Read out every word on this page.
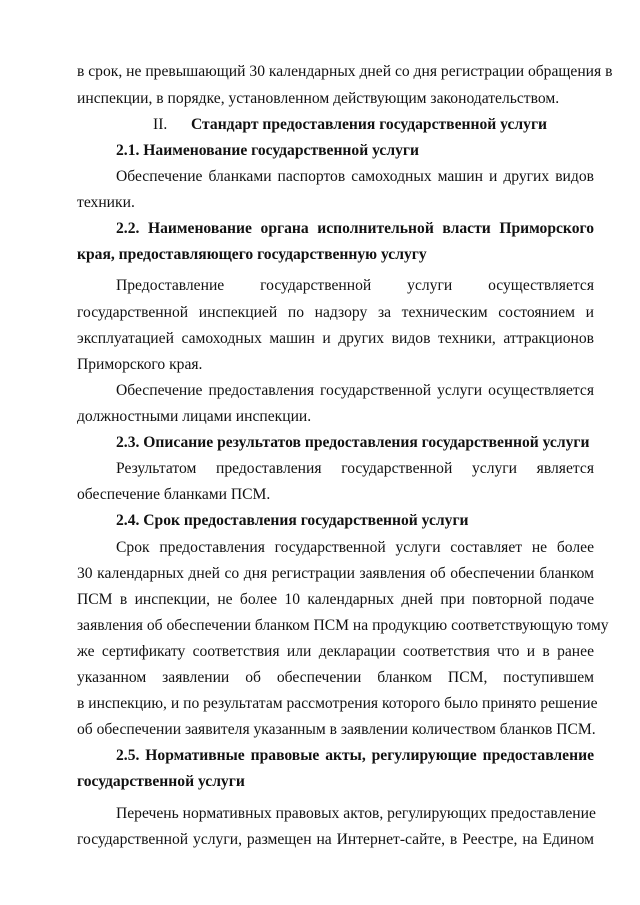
в срок, не превышающий 30 календарных дней со дня регистрации обращения в
инспекции, в порядке, установленном действующим законодательством.
II. Стандарт предоставления государственной услуги
2.1. Наименование государственной услуги
Обеспечение бланками паспортов самоходных машин и других видов
техники.
2.2. Наименование органа исполнительной власти Приморского
края, предоставляющего государственную услугу
Предоставление государственной услуги осуществляется
государственной инспекцией по надзору за техническим состоянием и
эксплуатацией самоходных машин и других видов техники, аттракционов
Приморского края.
Обеспечение предоставления государственной услуги осуществляется
должностными лицами инспекции.
2.3. Описание результатов предоставления государственной услуги
Результатом предоставления государственной услуги является
обеспечение бланками ПСМ.
2.4. Срок предоставления государственной услуги
Срок предоставления государственной услуги составляет не более
30 календарных дней со дня регистрации заявления об обеспечении бланком
ПСМ в инспекции, не более 10 календарных дней при повторной подаче
заявления об обеспечении бланком ПСМ на продукцию соответствующую тому
же сертификату соответствия или декларации соответствия что и в ранее
указанном заявлении об обеспечении бланком ПСМ, поступившем
в инспекцию, и по результатам рассмотрения которого было принято решение
об обеспечении заявителя указанным в заявлении количеством бланков ПСМ.
2.5. Нормативные правовые акты, регулирующие предоставление
государственной услуги
Перечень нормативных правовых актов, регулирующих предоставление
государственной услуги, размещен на Интернет-сайте, в Реестре, на Едином
